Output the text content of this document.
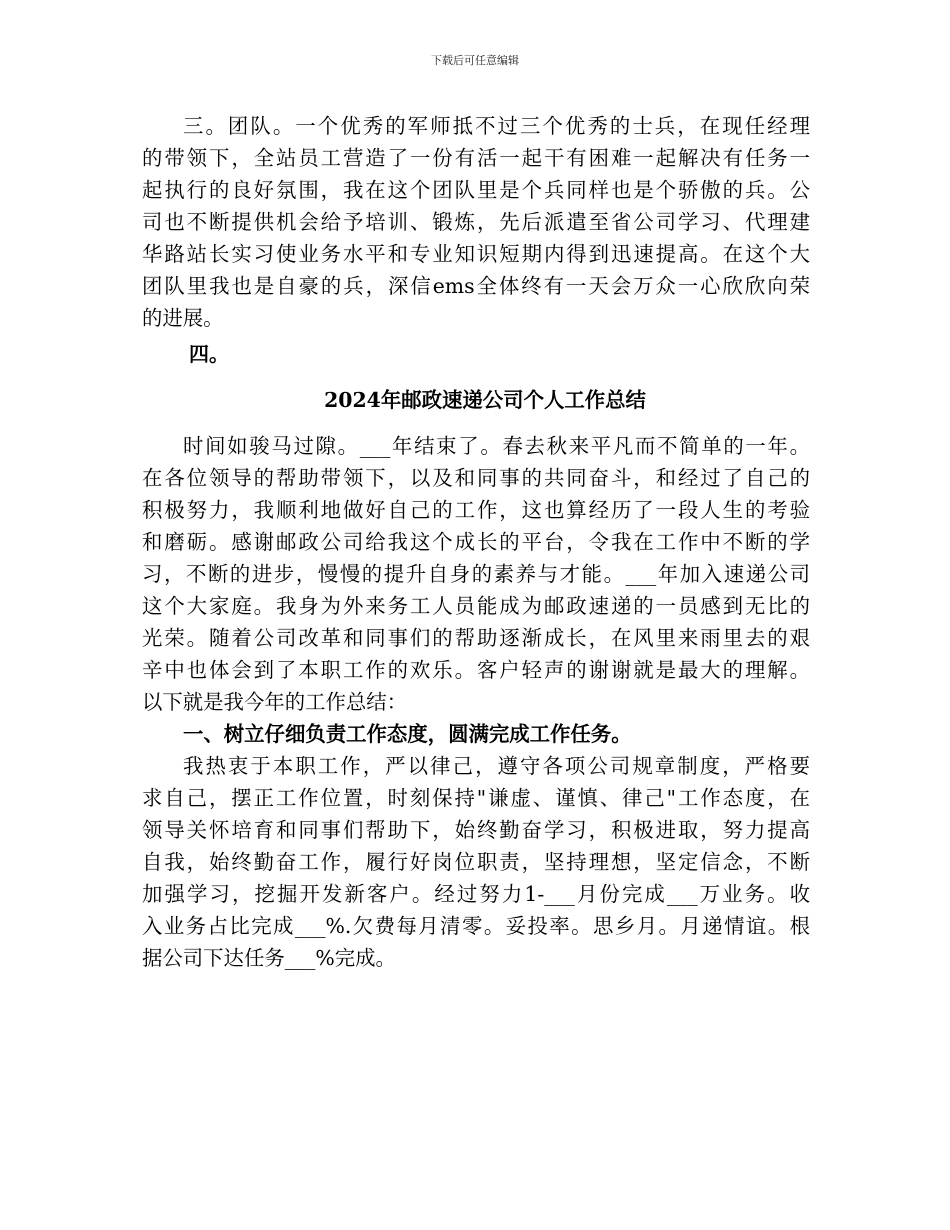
下载后可任意编辑
三。团队。一个优秀的军师抵不过三个优秀的士兵，在现任经理
的带领下，全站员工营造了一份有活一起干有困难一起解决有任务一
起执行的良好氛围，我在这个团队里是个兵同样也是个骄傲的兵。公
司也不断提供机会给予培训、锻炼，先后派遣至省公司学习、代理建
华路站长实习使业务水平和专业知识短期内得到迅速提高。在这个大
团队里我也是自豪的兵，深信ems全体终有一天会万众一心欣欣向荣
的进展。
四。
2024年邮政速递公司个人工作总结
时间如骏马过隙。___年结束了。春去秋来平凡而不简单的一年。
在各位领导的帮助带领下，以及和同事的共同奋斗，和经过了自己的
积极努力，我顺利地做好自己的工作，这也算经历了一段人生的考验
和磨砺。感谢邮政公司给我这个成长的平台，令我在工作中不断的学
习，不断的进步，慢慢的提升自身的素养与才能。___年加入速递公司
这个大家庭。我身为外来务工人员能成为邮政速递的一员感到无比的
光荣。随着公司改革和同事们的帮助逐渐成长，在风里来雨里去的艰
辛中也体会到了本职工作的欢乐。客户轻声的谢谢就是最大的理解。
以下就是我今年的工作总结：
一、树立仔细负责工作态度，圆满完成工作任务。
我热衷于本职工作，严以律己，遵守各项公司规章制度，严格要
求自己，摆正工作位置，时刻保持"谦虚、谨慎、律己"工作态度，在
领导关怀培育和同事们帮助下，始终勤奋学习，积极进取，努力提高
自我，始终勤奋工作，履行好岗位职责，坚持理想，坚定信念，不断
加强学习，挖掘开发新客户。经过努力1-___月份完成___万业务。收
入业务占比完成___%.欠费每月清零。妥投率。思乡月。月递情谊。根
据公司下达任务___%完成。
